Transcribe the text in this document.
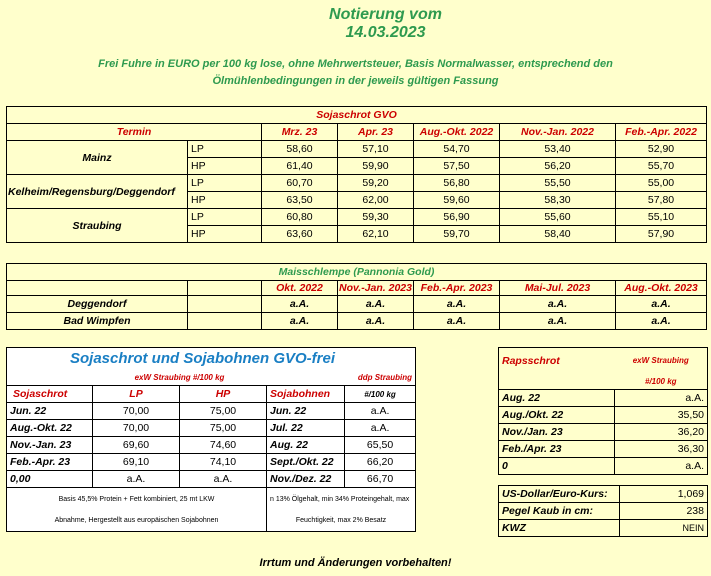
Notierung vom
14.03.2023
Frei Fuhre in EURO per 100 kg lose, ohne Mehrwertsteuer, Basis Normalwasser, entsprechend den
Ölmühlenbedingungen in der jeweils gültigen Fassung
Sojaschrot GVO						
Termin		Mrz. 23	Apr. 23	Aug.-Okt. 2022	Nov.-Jan. 2022	Feb.-Apr. 2022
Mainz	LP	58,60	57,10	54,70	53,40	52,90
	HP	61,40	59,90	57,50	56,20	55,70
Kelheim/Regensburg/Deggendorf	LP	60,70	59,20	56,80	55,50	55,00
	HP	63,50	62,00	59,60	58,30	57,80
Straubing	LP	60,80	59,30	56,90	55,60	55,10
	HP	63,60	62,10	59,70	58,40	57,90
Maisschlempe (Pannonia Gold)						
		Okt. 2022	Nov.-Jan. 2023	Feb.-Apr. 2023	Mai-Jul. 2023	Aug.-Okt. 2023
Deggendorf		a.A.	a.A.	a.A.	a.A.	a.A.
Bad Wimpfen		a.A.	a.A.	a.A.	a.A.	a.A.
Sojaschrot und Sojabohnen GVO-frei				
	exW Straubing #/100 kg		ddp Straubing	
Sojaschrot	LP	HP	Sojabohnen	#/100 kg
Jun. 22	70,00	75,00	Jun. 22	a.A.
Aug.-Okt. 22	70,00	75,00	Jul. 22	a.A.
Nov.-Jan. 23	69,60	74,60	Aug. 22	65,50
Feb.-Apr. 23	69,10	74,10	Sept./Okt. 22	66,20
0,00	a.A.	a.A.	Nov./Dez. 22	66,70
Basis 45,5% Protein + Fett kombiniert, 25 mt LKW			n 13% Ölgehalt, min 34% Proteingehalt, max	
Abnahme, Hergestellt aus europäischen Sojabohnen			Feuchtigkeit, max 2% Besatz	
Rapsschrot	exW Straubing
	#/100 kg
Aug. 22	a.A.
Aug./Okt. 22	35,50
Nov./Jan. 23	36,20
Feb./Apr. 23	36,30
0	a.A.
US-Dollar/Euro-Kurs:	1,069
Pegel Kaub in cm:	238
KWZ	NEIN
Irrtum und Änderungen vorbehalten!
